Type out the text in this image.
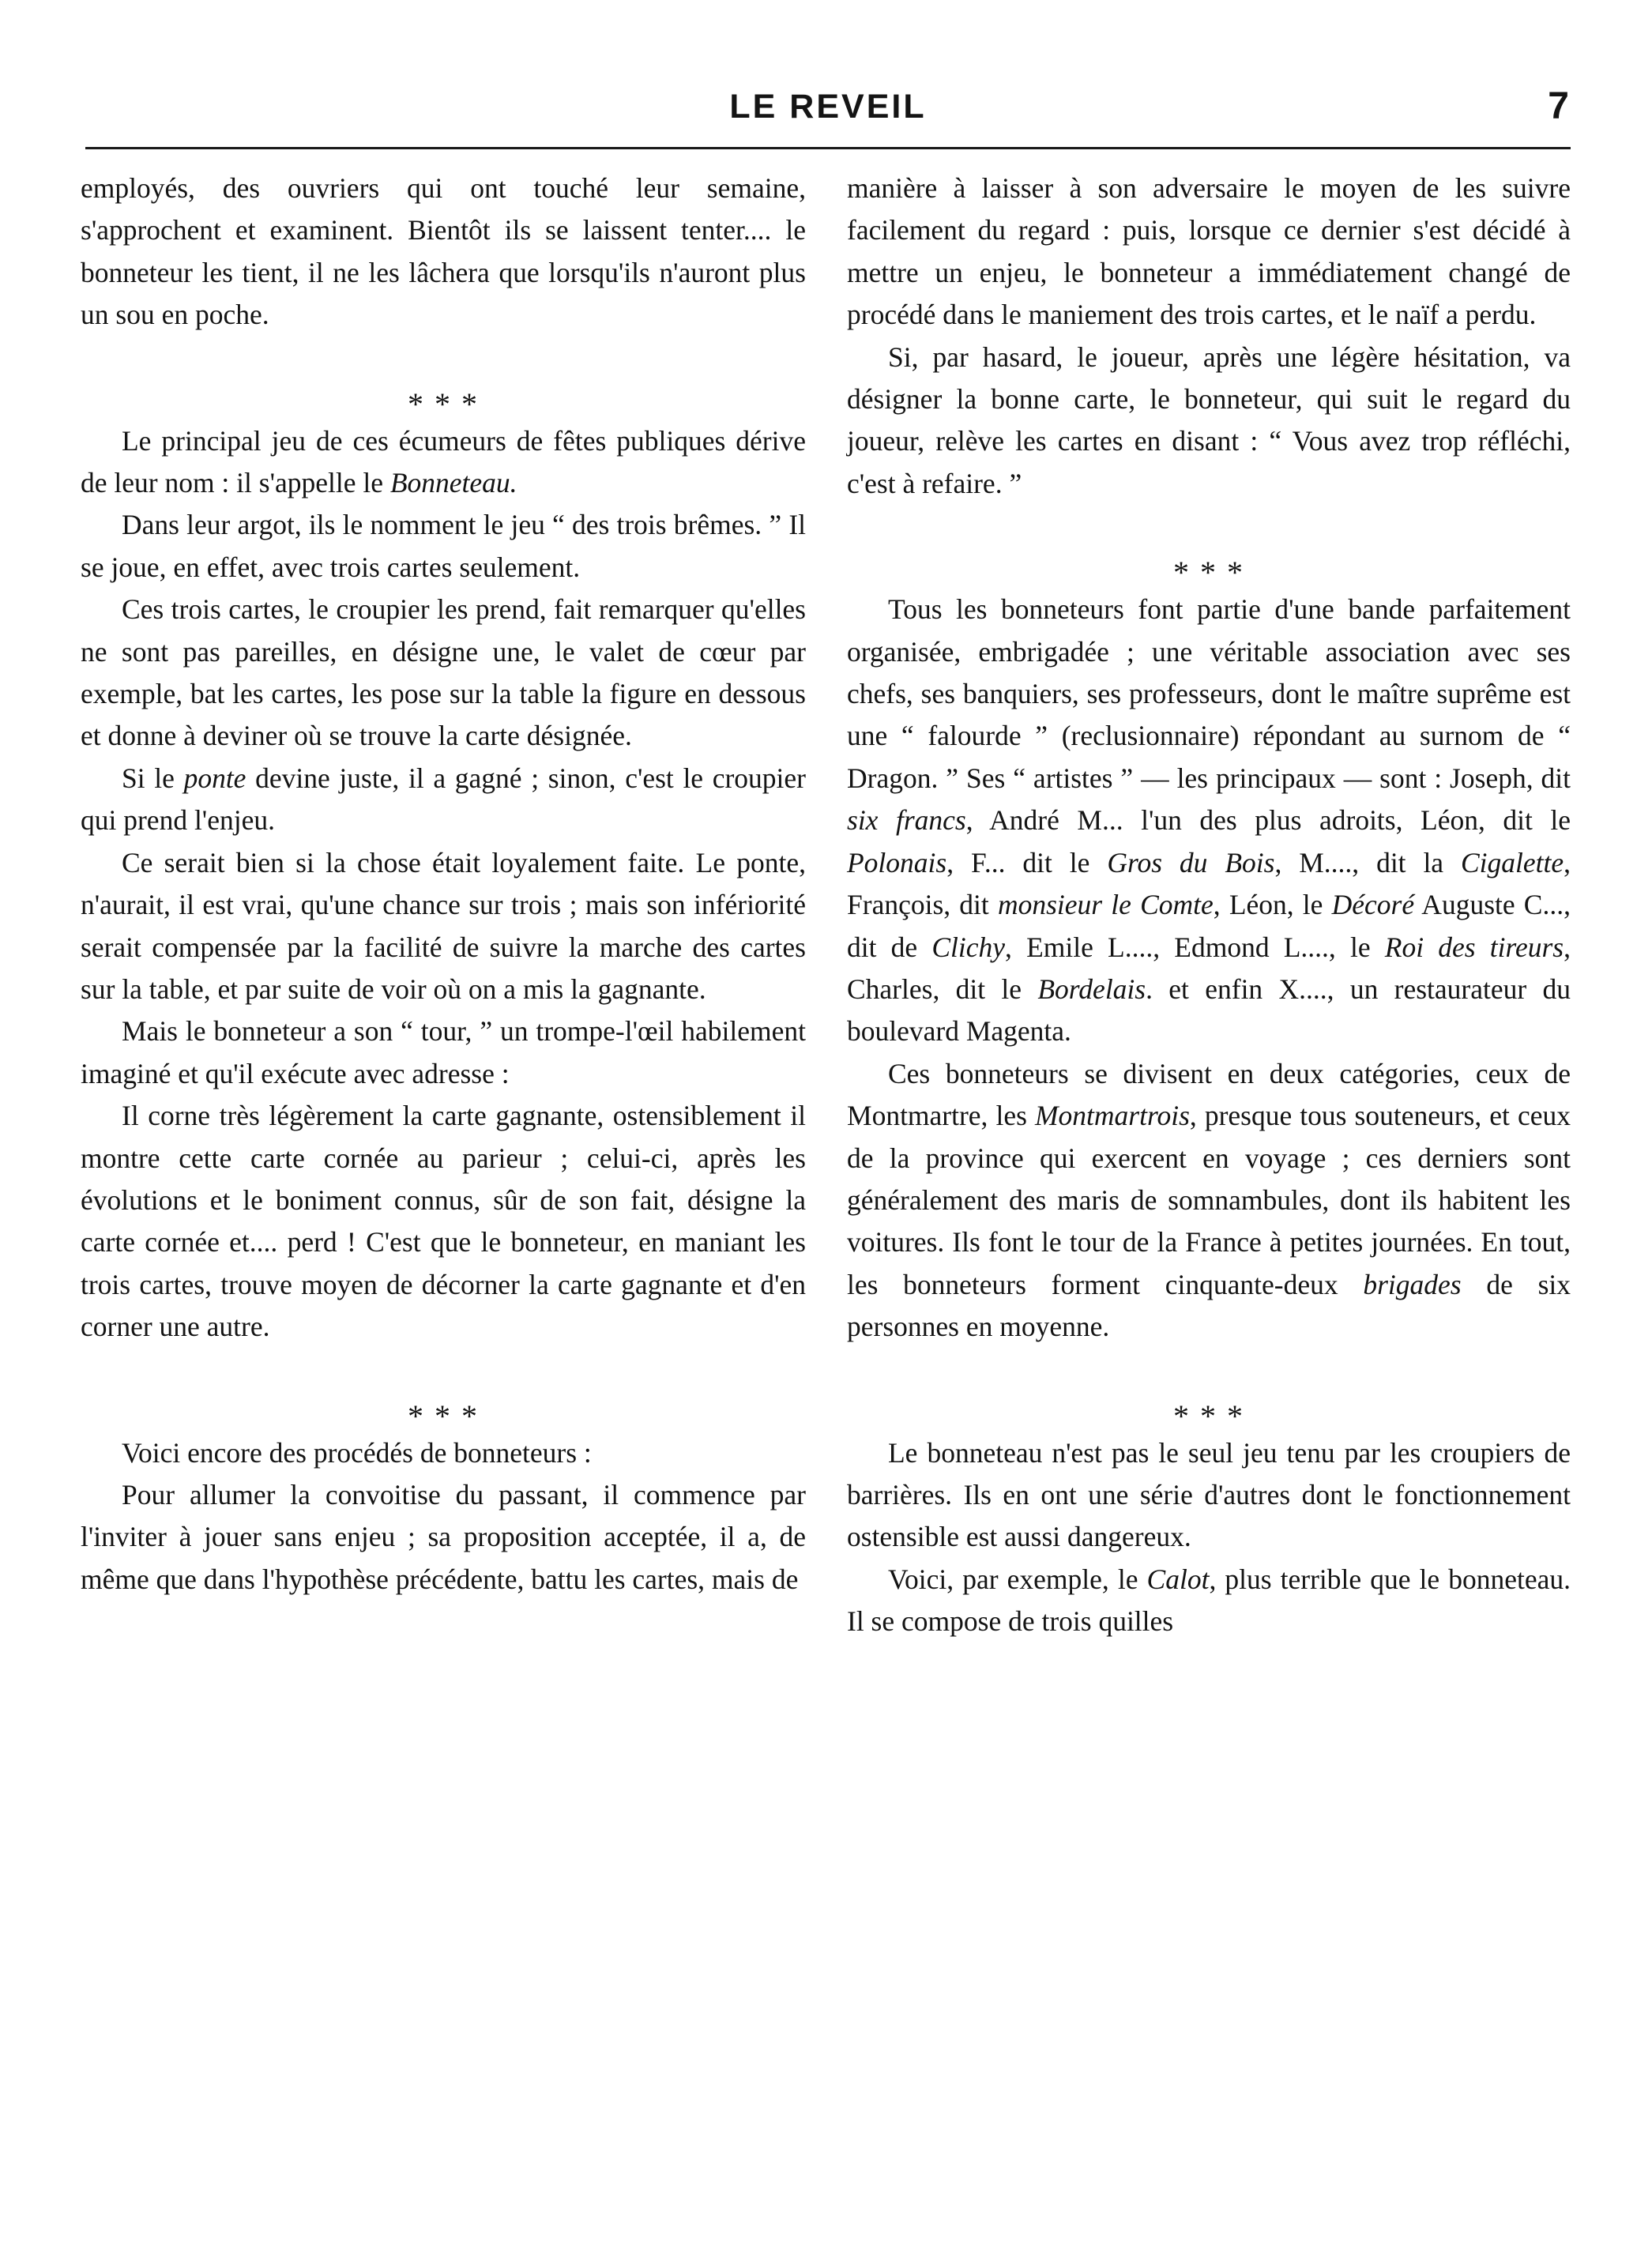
LE REVEIL	7

employés, des ouvriers qui ont touché leur semaine, s'approchent et examinent. Bientôt ils se laissent tenter.... le bonneteur les tient, il ne les lâchera que lorsqu'ils n'auront plus un sou en poche.

* * *

Le principal jeu de ces écumeurs de fêtes publiques dérive de leur nom : il s'appelle le Bonneteau.

Dans leur argot, ils le nomment le jeu “ des trois brêmes. ” Il se joue, en effet, avec trois cartes seulement.

Ces trois cartes, le croupier les prend, fait remarquer qu'elles ne sont pas pareilles, en désigne une, le valet de cœur par exemple, bat les cartes, les pose sur la table la figure en dessous et donne à deviner où se trouve la carte désignée.

Si le ponte devine juste, il a gagné ; sinon, c'est le croupier qui prend l'enjeu.

Ce serait bien si la chose était loyalement faite. Le ponte, n'aurait, il est vrai, qu'une chance sur trois ; mais son infériorité serait compensée par la facilité de suivre la marche des cartes sur la table, et par suite de voir où on a mis la gagnante.

Mais le bonneteur a son “ tour, ” un trompe-l'œil habilement imaginé et qu'il exécute avec adresse :

Il corne très légèrement la carte gagnante, ostensiblement il montre cette carte cornée au parieur ; celui-ci, après les évolutions et le boniment connus, sûr de son fait, désigne la carte cornée et.... perd ! C'est que le bonneteur, en maniant les trois cartes, trouve moyen de décorner la carte gagnante et d'en corner une autre.

* * *

Voici encore des procédés de bonneteurs :

Pour allumer la convoitise du passant, il commence par l'inviter à jouer sans enjeu ; sa proposition acceptée, il a, de même que dans l'hypothèse précédente, battu les cartes, mais de

manière à laisser à son adversaire le moyen de les suivre facilement du regard : puis, lorsque ce dernier s'est décidé à mettre un enjeu, le bonneteur a immédiatement changé de procédé dans le maniement des trois cartes, et le naïf a perdu.

Si, par hasard, le joueur, après une légère hésitation, va désigner la bonne carte, le bonneteur, qui suit le regard du joueur, relève les cartes en disant : “ Vous avez trop réfléchi, c'est à refaire. ”

* * *

Tous les bonneteurs font partie d'une bande parfaitement organisée, embrigadée ; une véritable association avec ses chefs, ses banquiers, ses professeurs, dont le maître suprême est une “ falourde ” (reclusionnaire) répondant au surnom de “ Dragon. ” Ses “ artistes ” — les principaux — sont : Joseph, dit six francs, André M... l'un des plus adroits, Léon, dit le Polonais, F... dit le Gros du Bois, M...., dit la Cigalette, François, dit monsieur le Comte, Léon, le Décoré Auguste C..., dit de Clichy, Emile L...., Edmond L...., le Roi des tireurs, Charles, dit le Bordelais. et enfin X...., un restaurateur du boulevard Magenta.

Ces bonneteurs se divisent en deux catégories, ceux de Montmartre, les Montmartrois, presque tous souteneurs, et ceux de la province qui exercent en voyage ; ces derniers sont généralement des maris de somnambules, dont ils habitent les voitures. Ils font le tour de la France à petites journées. En tout, les bonneteurs forment cinquante-deux brigades de six personnes en moyenne.

* * *

Le bonneteau n'est pas le seul jeu tenu par les croupiers de barrières. Ils en ont une série d'autres dont le fonctionnement ostensible est aussi dangereux.

Voici, par exemple, le Calot, plus terrible que le bonneteau. Il se compose de trois quilles
